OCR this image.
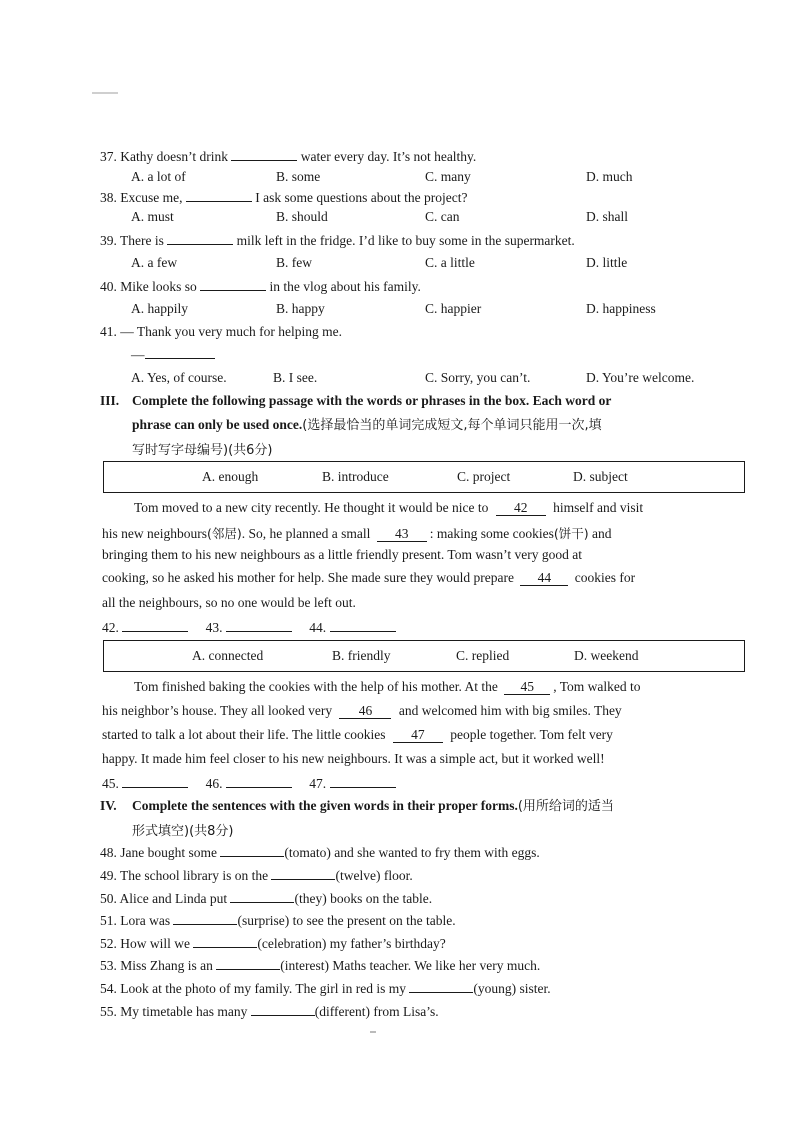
37. Kathy doesn’t drink	water every day. It’s not healthy.
A. a lot of	B. some	C. many	D. much
38. Excuse me,	I ask some questions about the project?
A. must	B. should	C. can	D. shall
39. There is	milk left in the fridge. I’d like to buy some in the supermarket.
A. a few	B. few	C. a little	D. little
40. Mike looks so	in the vlog about his family.
A. happily	B. happy	C. happier	D. happiness
41. — Thank you very much for helping me.
—
A. Yes, of course.	B. I see.	C. Sorry, you can’t.	D. You’re welcome.
III. Complete the following passage with the words or phrases in the box. Each word or
phrase can only be used once.(选择最恰当的单词完成短文,每个单词只能用一次,填
写时写字母编号)(共6分)
A. enough	B. introduce	C. project	D. subject
Tom moved to a new city recently. He thought it would be nice to 42 himself and visit
his new neighbours(邻居). So, he planned a small 43 : making some cookies(饼干) and
bringing them to his new neighbours as a little friendly present. Tom wasn’t very good at
cooking, so he asked his mother for help. She made sure they would prepare 44 cookies for
all the neighbours, so no one would be left out.
42.	43.	44.
A. connected	B. friendly	C. replied	D. weekend
Tom finished baking the cookies with the help of his mother. At the 45 , Tom walked to
his neighbor’s house. They all looked very 46 and welcomed him with big smiles. They
started to talk a lot about their life. The little cookies 47 people together. Tom felt very
happy. It made him feel closer to his new neighbours. It was a simple act, but it worked well!
45.	46.	47.
IV. Complete the sentences with the given words in their proper forms.(用所给词的适当
形式填空)(共8分)
48. Jane bought some	(tomato) and she wanted to fry them with eggs.
49. The school library is on the	(twelve) floor.
50. Alice and Linda put	(they) books on the table.
51. Lora was	(surprise) to see the present on the table.
52. How will we	(celebration) my father’s birthday?
53. Miss Zhang is an	(interest) Maths teacher. We like her very much.
54. Look at the photo of my family. The girl in red is my	(young) sister.
55. My timetable has many	(different) from Lisa’s.
